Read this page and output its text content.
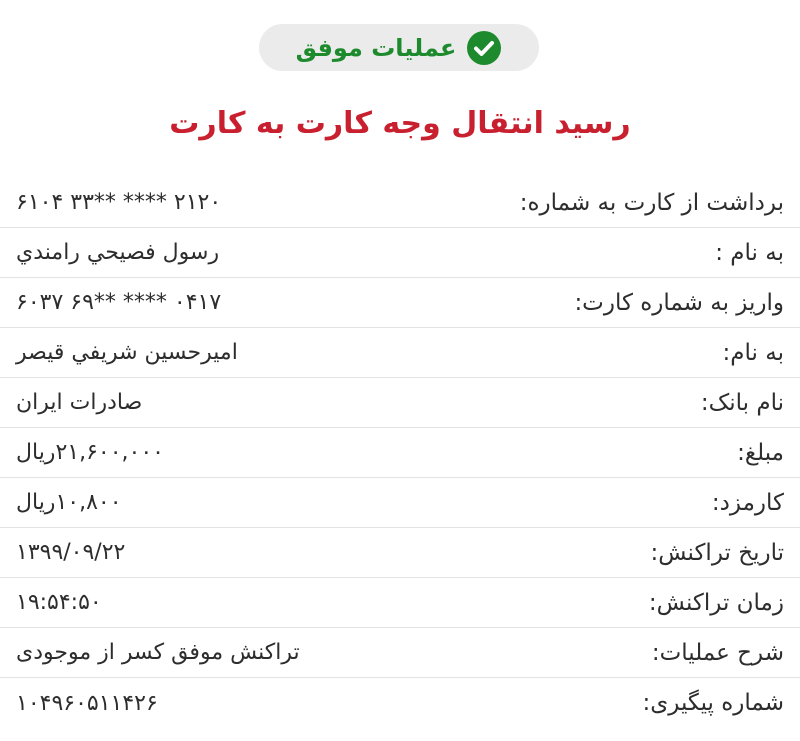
عملیات موفق
رسید انتقال وجه کارت به کارت
۶۱۰۴ ۳۳** **** ۲۱۲۰	برداشت از کارت به شماره:
رسول فصيحي رامندي	به نام :
۶۰۳۷ ۶۹** **** ۰۴۱۷	واریز به شماره کارت:
اميرحسين شريفي قيصر	به نام:
صادرات ایران	نام بانک:
۲۱,۶۰۰,۰۰۰ریال	مبلغ:
۱۰,۸۰۰ریال	کارمزد:
۱۳۹۹/۰۹/۲۲	تاریخ تراکنش:
۱۹:۵۴:۵۰	زمان تراکنش:
تراکنش موفق کسر از موجودی	شرح عملیات:
۱۰۴۹۶۰۵۱۱۴۲۶	شماره پیگیری:
